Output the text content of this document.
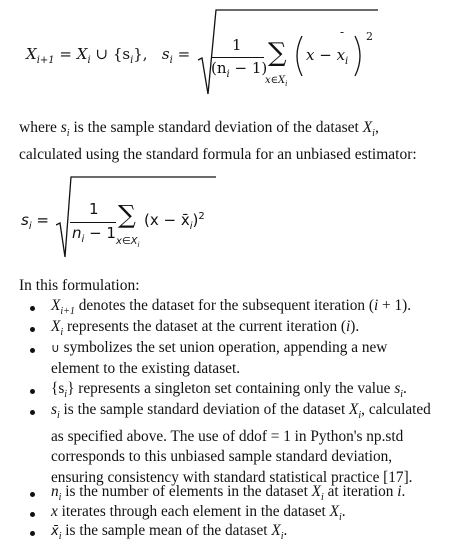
$X_{i+1} = X_i$ ∪ $\{s_i\}$, $s_i$ =	1
$(n_i - 1)$ ∑
$x\in X_i$
$x - x_i$
- 2
where $s_i$ is the sample standard deviation of the dataset $X_i$,
calculated using the standard formula for an unbiased estimator:
$s_i$ =
1
$n_i - 1$
∑
$x\in X_i$
$(x - x̄_i)^2$
In this formulation:
$X_{i+1}$ denotes the dataset for the subsequent iteration (i + 1).
$X_i$ represents the dataset at the current iteration (i).
∪ symbolizes the set union operation, appending a new
element to the existing dataset.
$\{s_i\}$ represents a singleton set containing only the value $s_i$.
$s_i$ is the sample standard deviation of the dataset $X_i$, calculated
as specified above. The use of ddof = 1 in Python's np.std
corresponds to this unbiased sample standard deviation,
ensuring consistency with standard statistical practice [17].
$n_i$ is the number of elements in the dataset $X_i$ at iteration i.
x iterates through each element in the dataset $X_i$.
$x̄_i$ is the sample mean of the dataset $X_i$.
